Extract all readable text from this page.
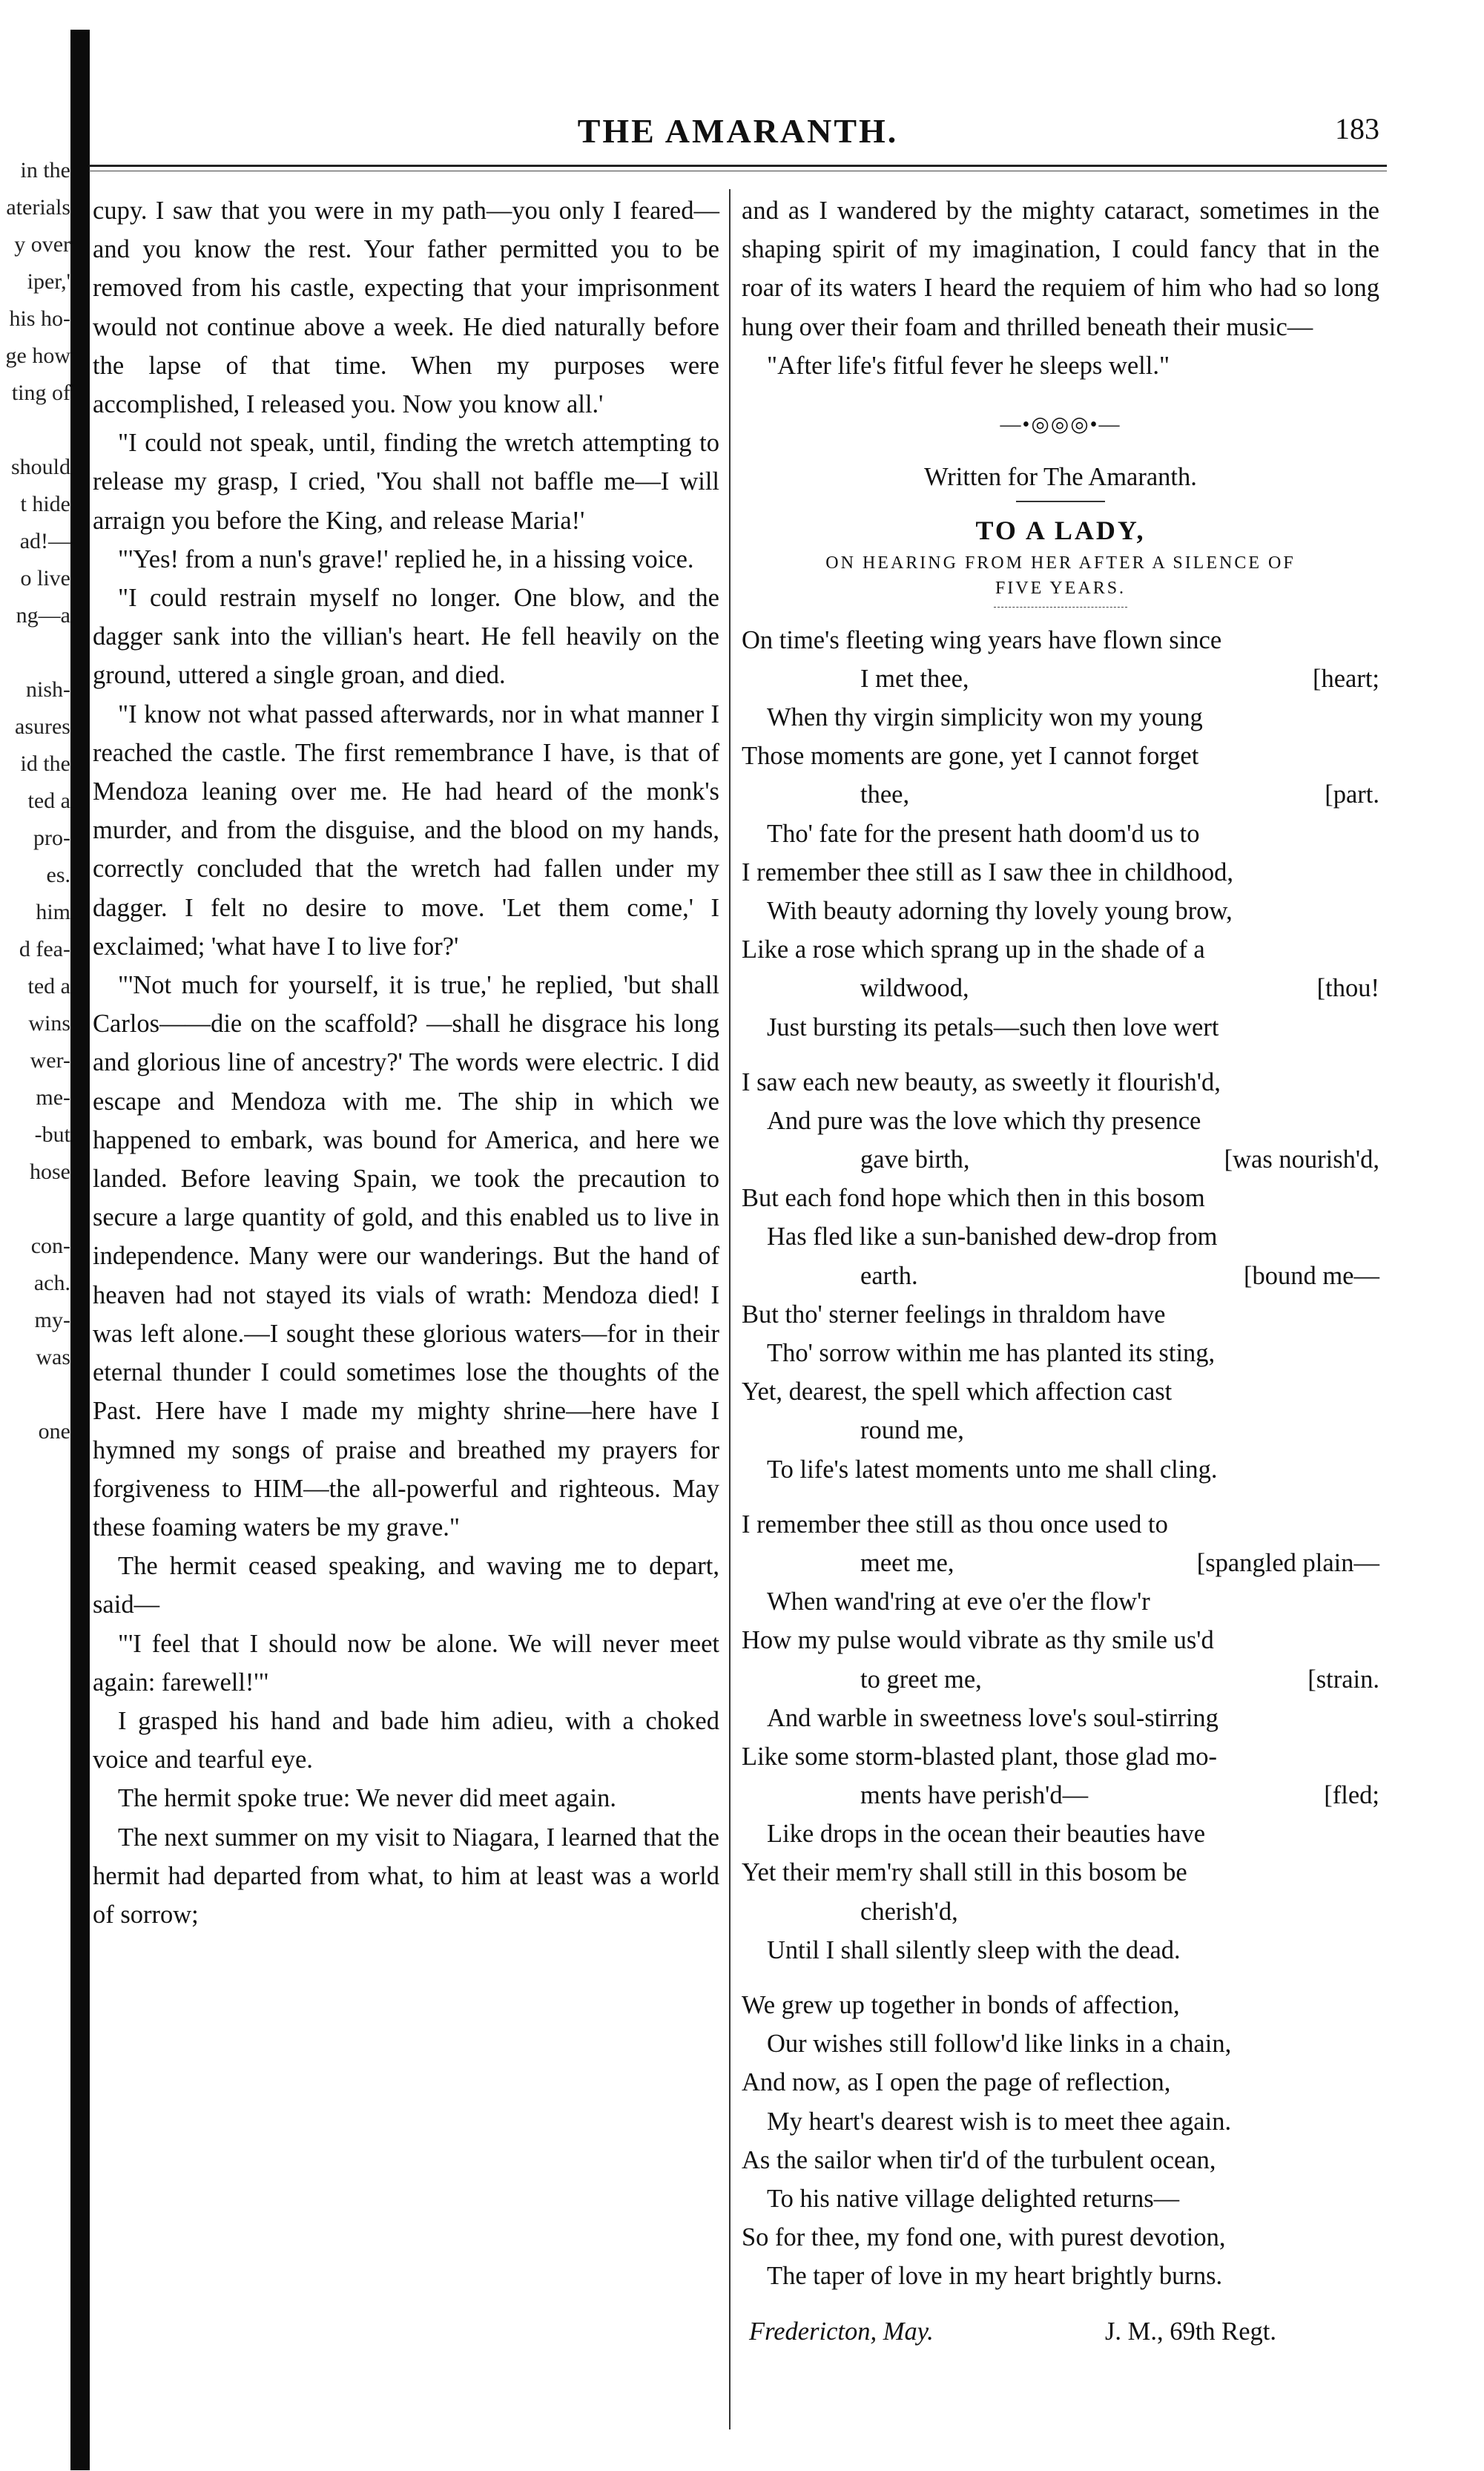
in the
aterials
y over
iper,'
his ho-
ge how
ting of

should
t hide
ad!—
o live
ng—a

nish-
asures
id the
ted a
pro-
es.
him
d fea-
ted a
wins
wer-
me-
-but
hose

con-
ach.
my-
was

one

THE AMARANTH.	183

cupy. I saw that you were in my path—you only I feared—and you know the rest. Your father permitted you to be removed from his castle, expecting that your imprisonment would not continue above a week. He died naturally before the lapse of that time. When my purposes were accomplished, I released you. Now you know all.'

"I could not speak, until, finding the wretch attempting to release my grasp, I cried, 'You shall not baffle me—I will arraign you before the King, and release Maria!'

"'Yes! from a nun's grave!' replied he, in a hissing voice.

"I could restrain myself no longer. One blow, and the dagger sank into the villian's heart. He fell heavily on the ground, uttered a single groan, and died.

"I know not what passed afterwards, nor in what manner I reached the castle. The first remembrance I have, is that of Mendoza leaning over me. He had heard of the monk's murder, and from the disguise, and the blood on my hands, correctly concluded that the wretch had fallen under my dagger. I felt no desire to move. 'Let them come,' I exclaimed; 'what have I to live for?'

"'Not much for yourself, it is true,' he replied, 'but shall Carlos——die on the scaffold? —shall he disgrace his long and glorious line of ancestry?' The words were electric. I did escape and Mendoza with me. The ship in which we happened to embark, was bound for America, and here we landed. Before leaving Spain, we took the precaution to secure a large quantity of gold, and this enabled us to live in independence. Many were our wanderings. But the hand of heaven had not stayed its vials of wrath: Mendoza died! I was left alone.—I sought these glorious waters—for in their eternal thunder I could sometimes lose the thoughts of the Past. Here have I made my mighty shrine—here have I hymned my songs of praise and breathed my prayers for forgiveness to HIM—the all-powerful and righteous. May these foaming waters be my grave."

The hermit ceased speaking, and waving me to depart, said—

"'I feel that I should now be alone. We will never meet again: farewell!'"

I grasped his hand and bade him adieu, with a choked voice and tearful eye.

The hermit spoke true: We never did meet again.

The next summer on my visit to Niagara, I learned that the hermit had departed from what, to him at least was a world of sorrow;

and as I wandered by the mighty cataract, sometimes in the shaping spirit of my imagination, I could fancy that in the roar of its waters I heard the requiem of him who had so long hung over their foam and thrilled beneath their music—

"After life's fitful fever he sleeps well."

—•◎◎◎•—
Written for The Amaranth.
TO A LADY,
ON HEARING FROM HER AFTER A SILENCE OF
FIVE YEARS.
On time's fleeting wing years have flown since
I met thee,	[heart;
When thy virgin simplicity won my young
Those moments are gone, yet I cannot forget
thee,	[part.
Tho' fate for the present hath doom'd us to
I remember thee still as I saw thee in childhood,
With beauty adorning thy lovely young brow,
Like a rose which sprang up in the shade of a
wildwood,	[thou!
Just bursting its petals—such then love wert
I saw each new beauty, as sweetly it flourish'd,
And pure was the love which thy presence
gave birth,	[was nourish'd,
But each fond hope which then in this bosom
Has fled like a sun-banished dew-drop from
earth.	[bound me—
But tho' sterner feelings in thraldom have
Tho' sorrow within me has planted its sting,
Yet, dearest, the spell which affection cast
round me,
To life's latest moments unto me shall cling.
I remember thee still as thou once used to
meet me,	[spangled plain—
When wand'ring at eve o'er the flow'r
How my pulse would vibrate as thy smile us'd
to greet me,	[strain.
And warble in sweetness love's soul-stirring
Like some storm-blasted plant, those glad mo-
ments have perish'd—	[fled;
Like drops in the ocean their beauties have
Yet their mem'ry shall still in this bosom be
cherish'd,
Until I shall silently sleep with the dead.
We grew up together in bonds of affection,
Our wishes still follow'd like links in a chain,
And now, as I open the page of reflection,
My heart's dearest wish is to meet thee again.
As the sailor when tir'd of the turbulent ocean,
To his native village delighted returns—
So for thee, my fond one, with purest devotion,
The taper of love in my heart brightly burns.
Fredericton, May.	J. M., 69th Regt.
